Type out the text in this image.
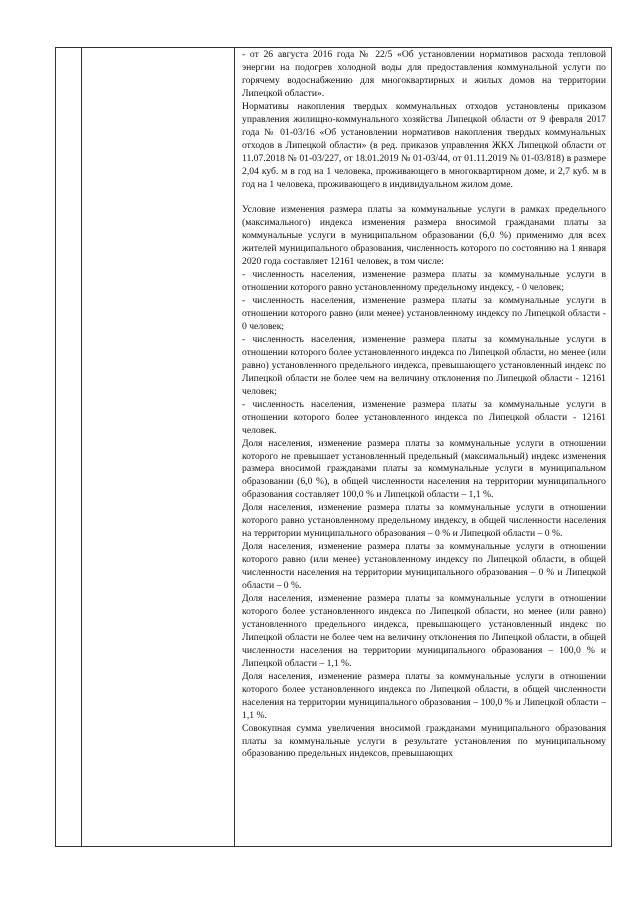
- от 26 августа 2016 года № 22/5 «Об установлении нормативов расхода тепловой энергии на подогрев холодной воды для предоставления коммунальной услуги по горячему водоснабжению для многоквартирных и жилых домов на территории Липецкой области».

Нормативы накопления твердых коммунальных отходов установлены приказом управления жилищно-коммунального хозяйства Липецкой области от 9 февраля 2017 года № 01-03/16 «Об установлении нормативов накопления твердых коммунальных отходов в Липецкой области» (в ред. приказов управления ЖКХ Липецкой области от 11.07.2018 № 01-03/227, от 18.01.2019 № 01-03/44, от 01.11.2019 № 01-03/818) в размере 2,04 куб. м в год на 1 человека, проживающего в многоквартирном доме, и 2,7 куб. м в год на 1 человека, проживающего в индивидуальном жилом доме.

Условие изменения размера платы за коммунальные услуги в рамках предельного (максимального) индекса изменения размера вносимой гражданами платы за коммунальные услуги в муниципальном образовании (6,0 %) применимо для всех жителей муниципального образования, численность которого по состоянию на 1 января 2020 года составляет 12161 человек, в том числе:

- численность населения, изменение размера платы за коммунальные услуги в отношении которого равно установленному предельному индексу, - 0 человек;

- численность населения, изменение размера платы за коммунальные услуги в отношении которого равно (или менее) установленному индексу по Липецкой области - 0 человек;

- численность населения, изменение размера платы за коммунальные услуги в отношении которого более установленного индекса по Липецкой области, но менее (или равно) установленного предельного индекса, превышающего установленный индекс по Липецкой области не более чем на величину отклонения по Липецкой области - 12161 человек;

- численность населения, изменение размера платы за коммунальные услуги в отношении которого более установленного индекса по Липецкой области - 12161 человек.

Доля населения, изменение размера платы за коммунальные услуги в отношении которого не превышает установленный предельный (максимальный) индекс изменения размера вносимой гражданами платы за коммунальные услуги в муниципальном образовании (6,0 %), в общей численности населения на территории муниципального образования составляет 100,0 % и Липецкой области – 1,1 %.

Доля населения, изменение размера платы за коммунальные услуги в отношении которого равно установленному предельному индексу, в общей численности населения на территории муниципального образования – 0 % и Липецкой области – 0 %.

Доля населения, изменение размера платы за коммунальные услуги в отношении которого равно (или менее) установленному индексу по Липецкой области, в общей численности населения на территории муниципального образования – 0 % и Липецкой области – 0 %.

Доля населения, изменение размера платы за коммунальные услуги в отношении которого более установленного индекса по Липецкой области, но менее (или равно) установленного предельного индекса, превышающего установленный индекс по Липецкой области не более чем на величину отклонения по Липецкой области, в общей численности населения на территории муниципального образования – 100,0 % и Липецкой области – 1,1 %.

Доля населения, изменение размера платы за коммунальные услуги в отношении которого более установленного индекса по Липецкой области, в общей численности населения на территории муниципального образования – 100,0 % и Липецкой области – 1,1 %.

Совокупная сумма увеличения вносимой гражданами муниципального образования платы за коммунальные услуги в результате установления по муниципальному образованию предельных индексов, превышающих
